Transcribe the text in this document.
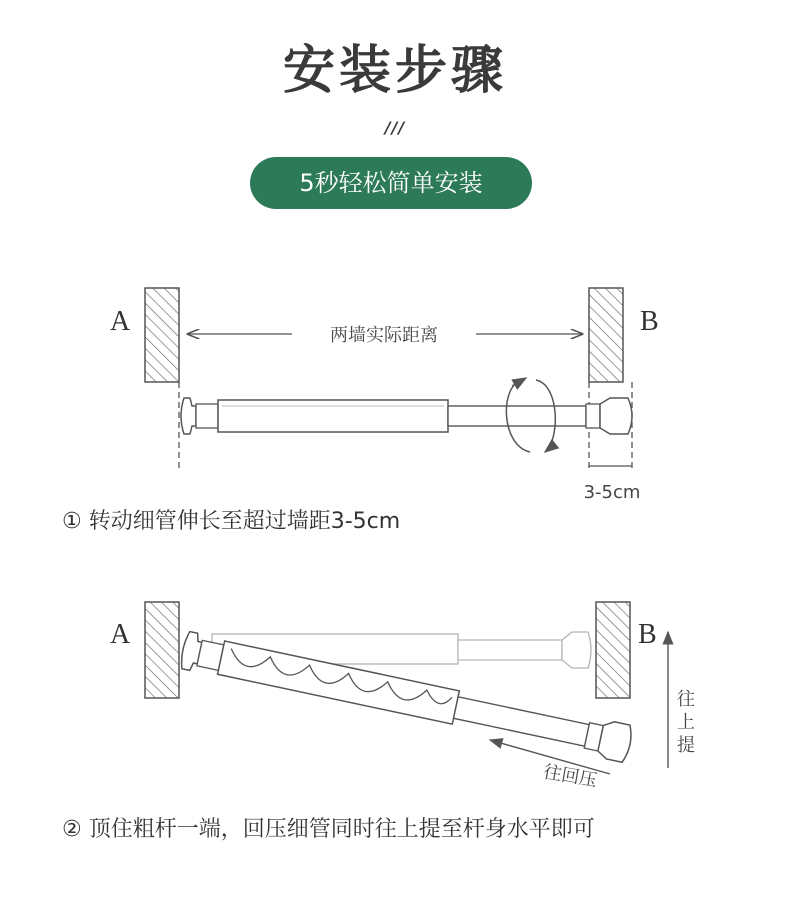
安装步骤
///
5秒轻松简单安装
A	B
两墙实际距离
3-5cm
A	B
往
上
提
往回压
① 转动细管伸长至超过墙距3-5cm
② 顶住粗杆一端，回压细管同时往上提至杆身水平即可
